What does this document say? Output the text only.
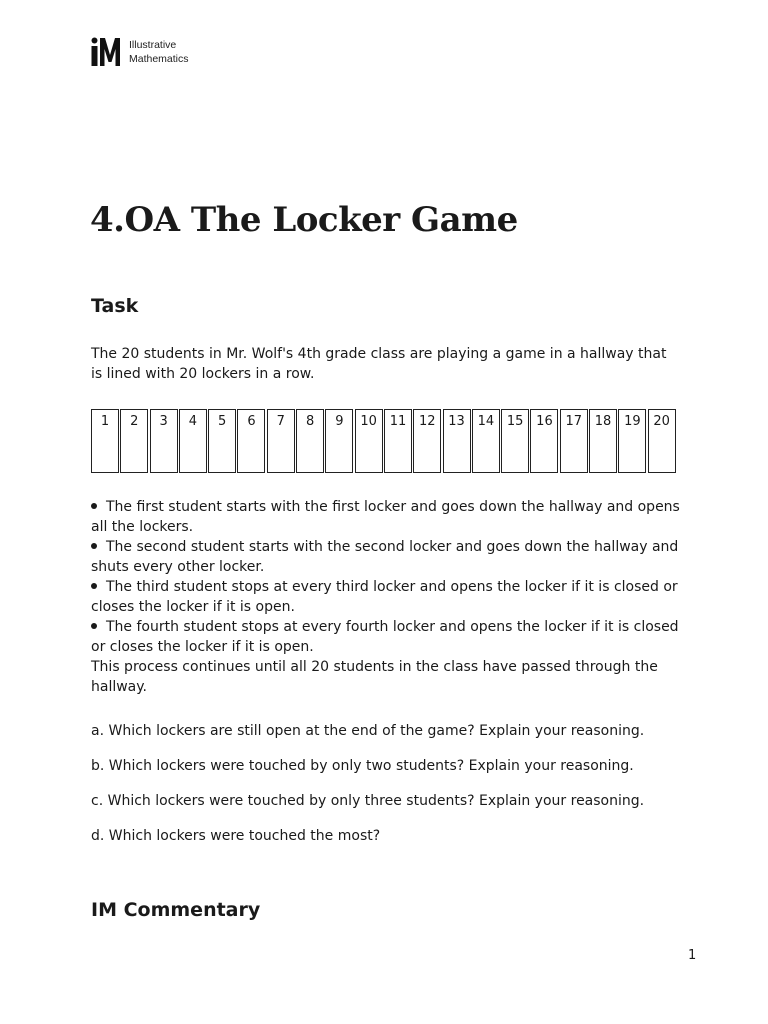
Illustrative
Mathematics
4.OA The Locker Game
Task

The 20 students in Mr. Wolf's 4th grade class are playing a game in a hallway that is lined with 20 lockers in a row.

1	2	3	4	5	6	7	8	9	10 11 12 13 14 15 16 17 18 19 20
The first student starts with the first locker and goes down the hallway and opens all the lockers.
The second student starts with the second locker and goes down the hallway and shuts every other locker.
The third student stops at every third locker and opens the locker if it is closed or closes the locker if it is open.
The fourth student stops at every fourth locker and opens the locker if it is closed or closes the locker if it is open.

This process continues until all 20 students in the class have passed through the hallway.

a. Which lockers are still open at the end of the game? Explain your reasoning.

b. Which lockers were touched by only two students? Explain your reasoning.

c. Which lockers were touched by only three students? Explain your reasoning.

d. Which lockers were touched the most?

IM Commentary
1
